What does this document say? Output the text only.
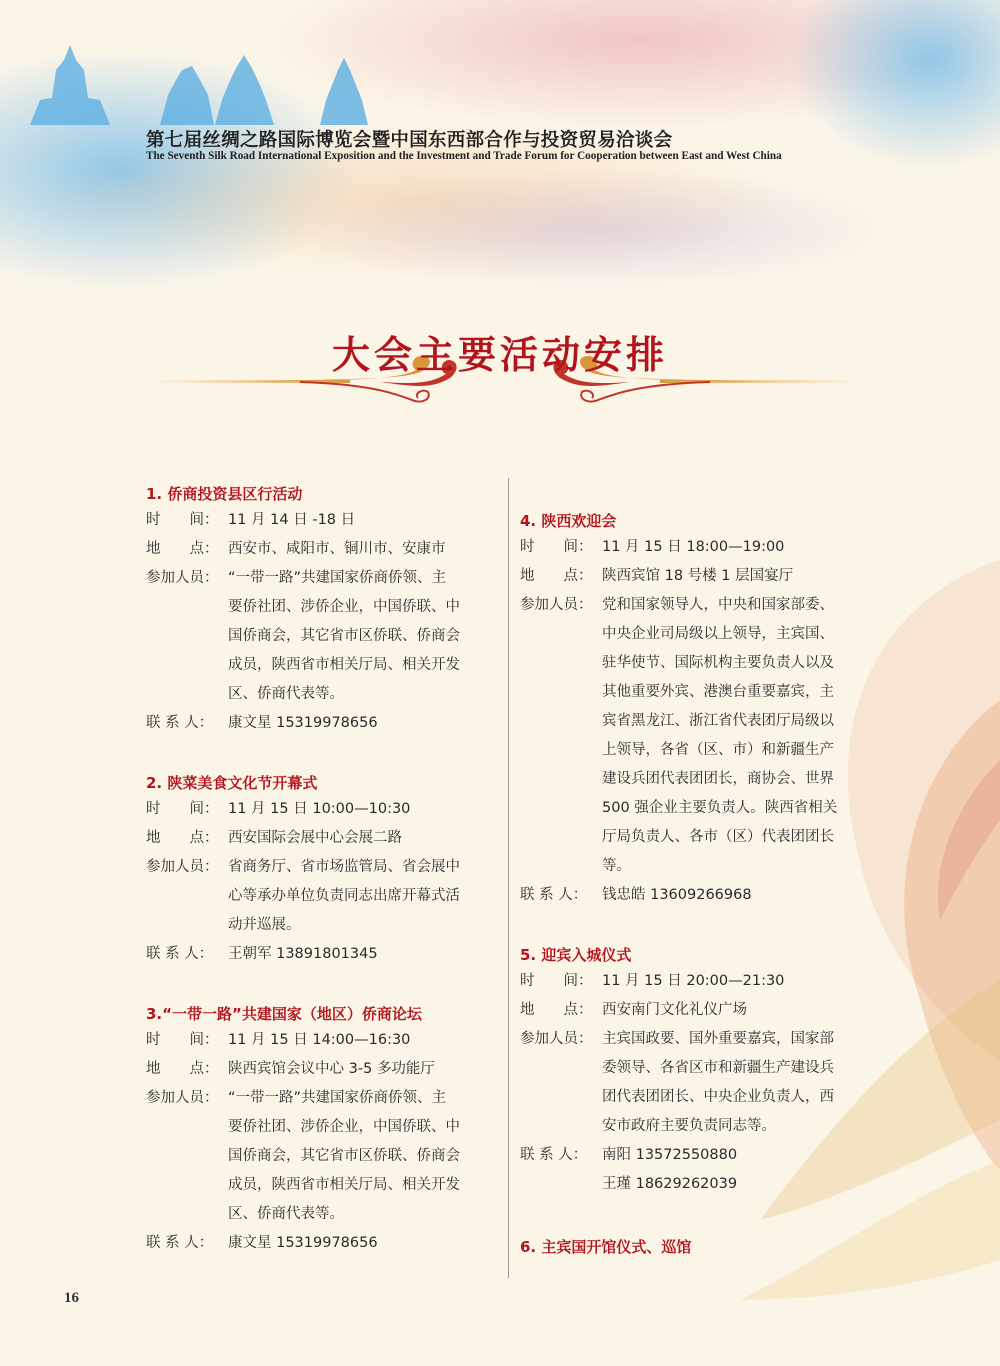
第七届丝绸之路国际博览会暨中国东西部合作与投资贸易洽谈会
The Seventh Silk Road International Exposition and the Investment and Trade Forum for Cooperation between East and West China
大会主要活动安排
1. 侨商投资县区行活动
时　　间： 11 月 14 日 -18 日
地　　点： 西安市、咸阳市、铜川市、安康市
参加人员： “一带一路”共建国家侨商侨领、主
要侨社团、涉侨企业，中国侨联、中
国侨商会，其它省市区侨联、侨商会
成员，陕西省市相关厅局、相关开发
区、侨商代表等。
联 系 人： 康文星 15319978656
2. 陕菜美食文化节开幕式
时　　间： 11 月 15 日 10:00—10:30
地　　点： 西安国际会展中心会展二路
参加人员： 省商务厅、省市场监管局、省会展中
心等承办单位负责同志出席开幕式活
动并巡展。
联 系 人： 王朝军 13891801345
3.“一带一路”共建国家（地区）侨商论坛
时　　间： 11 月 15 日 14:00—16:30
地　　点： 陕西宾馆会议中心 3-5 多功能厅
参加人员： “一带一路”共建国家侨商侨领、主
要侨社团、涉侨企业，中国侨联、中
国侨商会，其它省市区侨联、侨商会
成员，陕西省市相关厅局、相关开发
区、侨商代表等。
联 系 人： 康文星 15319978656
4. 陕西欢迎会
时　　间： 11 月 15 日 18:00—19:00
地　　点： 陕西宾馆 18 号楼 1 层国宴厅
参加人员： 党和国家领导人，中央和国家部委、
中央企业司局级以上领导，主宾国、
驻华使节、国际机构主要负责人以及
其他重要外宾、港澳台重要嘉宾，主
宾省黑龙江、浙江省代表团厅局级以
上领导，各省（区、市）和新疆生产
建设兵团代表团团长，商协会、世界
500 强企业主要负责人。陕西省相关
厅局负责人、各市（区）代表团团长
等。
联 系 人： 钱忠皓 13609266968
5. 迎宾入城仪式
时　　间： 11 月 15 日 20:00—21:30
地　　点： 西安南门文化礼仪广场
参加人员： 主宾国政要、国外重要嘉宾，国家部
委领导、各省区市和新疆生产建设兵
团代表团团长、中央企业负责人，西
安市政府主要负责同志等。
联 系 人： 南阳 13572550880
王瑾 18629262039
6. 主宾国开馆仪式、巡馆
16
